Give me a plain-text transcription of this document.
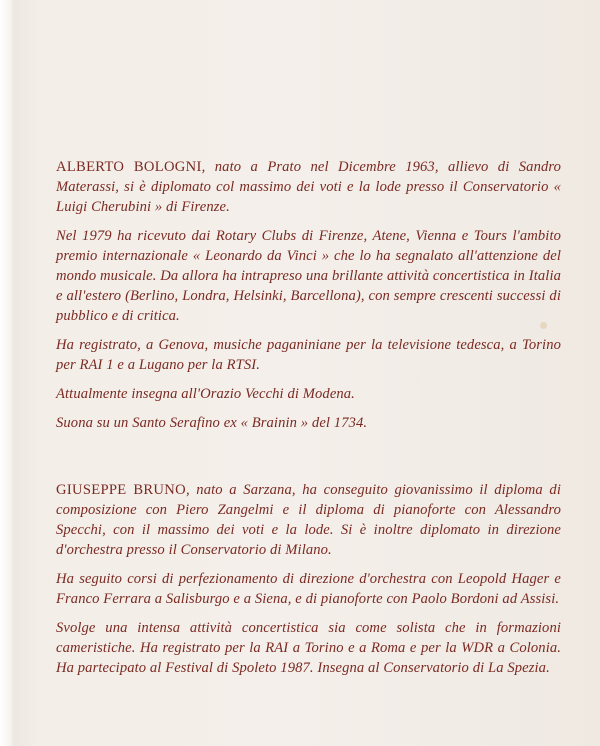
ALBERTO BOLOGNI, nato a Prato nel Dicembre 1963, allievo di Sandro Materassi, si è diplomato col massimo dei voti e la lode presso il Conservatorio « Luigi Cherubini » di Firenze.

Nel 1979 ha ricevuto dai Rotary Clubs di Firenze, Atene, Vienna e Tours l'ambito premio internazionale « Leonardo da Vinci » che lo ha segnalato all'attenzione del mondo musicale. Da allora ha intrapreso una brillante attività concertistica in Italia e all'estero (Berlino, Londra, Helsinki, Barcellona), con sempre crescenti successi di pubblico e di critica.

Ha registrato, a Genova, musiche paganiniane per la televisione tedesca, a Torino per RAI 1 e a Lugano per la RTSI.

Attualmente insegna all'Orazio Vecchi di Modena.

Suona su un Santo Serafino ex « Brainin » del 1734.

GIUSEPPE BRUNO, nato a Sarzana, ha conseguito giovanissimo il diploma di composizione con Piero Zangelmi e il diploma di pianoforte con Alessandro Specchi, con il massimo dei voti e la lode. Si è inoltre diplomato in direzione d'orchestra presso il Conservatorio di Milano.

Ha seguito corsi di perfezionamento di direzione d'orchestra con Leopold Hager e Franco Ferrara a Salisburgo e a Siena, e di pianoforte con Paolo Bordoni ad Assisi.

Svolge una intensa attività concertistica sia come solista che in formazioni cameristiche. Ha registrato per la RAI a Torino e a Roma e per la WDR a Colonia. Ha partecipato al Festival di Spoleto 1987. Insegna al Conservatorio di La Spezia.
